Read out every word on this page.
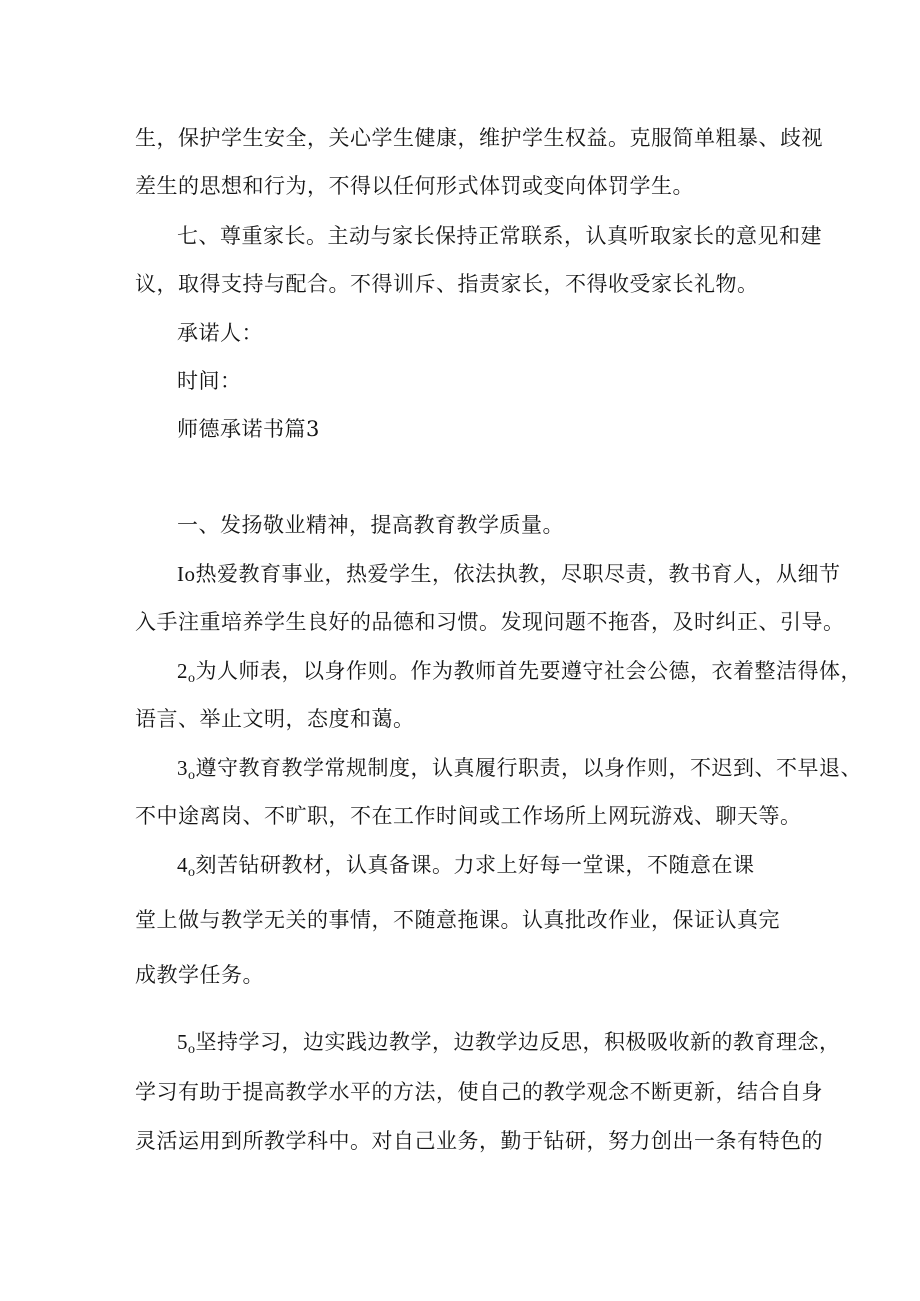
生，保护学生安全，关心学生健康，维护学生权益。克服简单粗暴、歧视
差生的思想和行为，不得以任何形式体罚或变向体罚学生。
七、尊重家长。主动与家长保持正常联系，认真听取家长的意见和建
议，取得支持与配合。不得训斥、指责家长，不得收受家长礼物。
承诺人：
时间：
师德承诺书篇3
一、发扬敬业精神，提高教育教学质量。
Io热爱教育事业，热爱学生，依法执教，尽职尽责，教书育人，从细节
入手注重培养学生良好的品德和习惯。发现问题不拖沓，及时纠正、引导。
$2_o$为人师表，以身作则。作为教师首先要遵守社会公德，衣着整洁得体，
语言、举止文明，态度和蔼。
$3_o$遵守教育教学常规制度，认真履行职责，以身作则，不迟到、不早退、
不中途离岗、不旷职，不在工作时间或工作场所上网玩游戏、聊天等。
$4_o$刻苦钻研教材，认真备课。力求上好每一堂课，不随意在课
堂上做与教学无关的事情，不随意拖课。认真批改作业，保证认真完
成教学任务。
$5_o$坚持学习，边实践边教学，边教学边反思，积极吸收新的教育理念，
学习有助于提高教学水平的方法，使自己的教学观念不断更新，结合自身
灵活运用到所教学科中。对自己业务，勤于钻研，努力创出一条有特色的
